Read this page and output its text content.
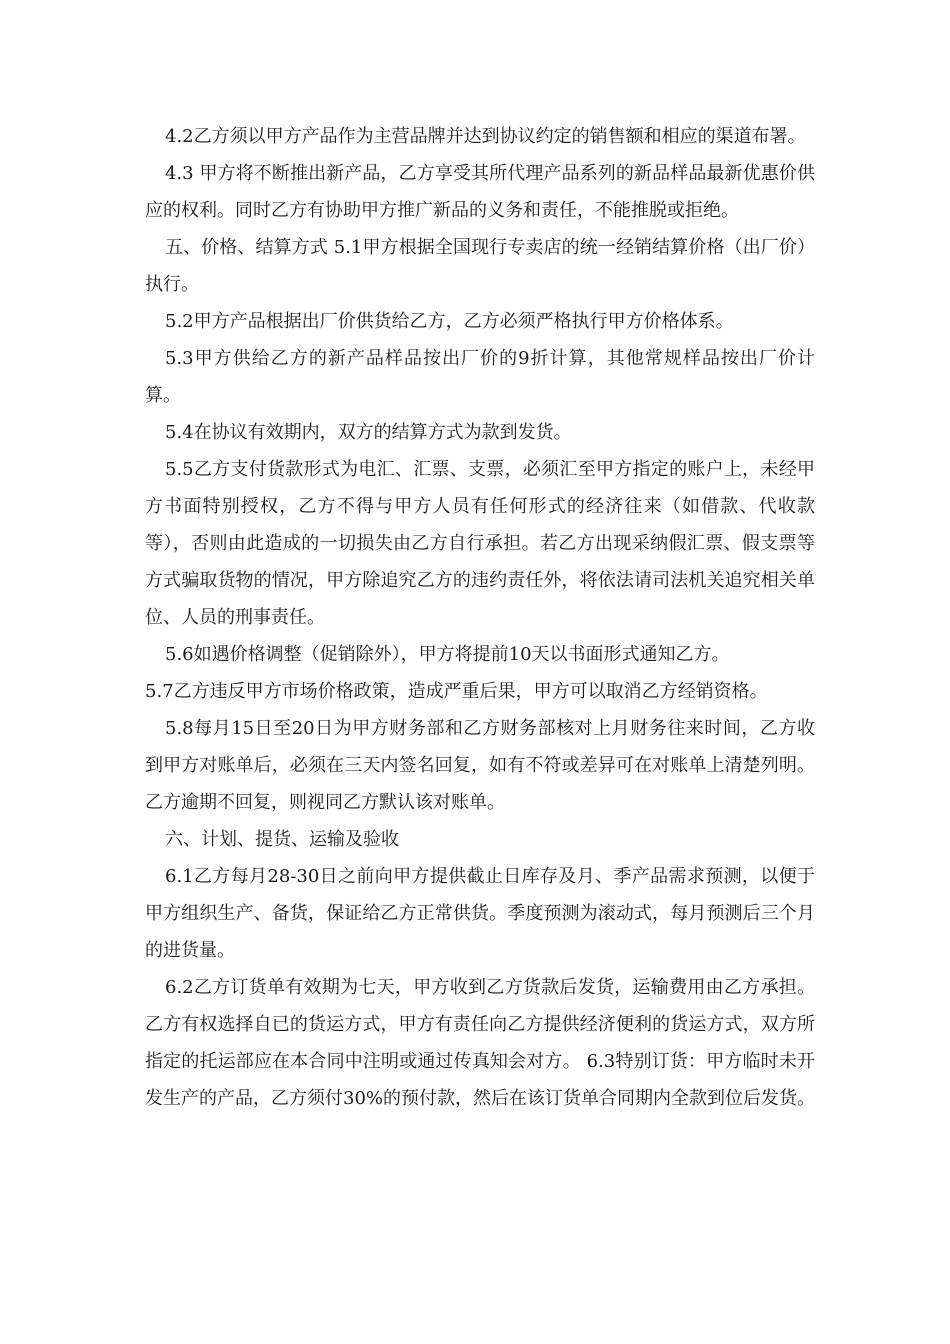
4.2乙方须以甲方产品作为主营品牌并达到协议约定的销售额和相应的渠道布署。

4.3 甲方将不断推出新产品，乙方享受其所代理产品系列的新品样品最新优惠价供应的权利。同时乙方有协助甲方推广新品的义务和责任，不能推脱或拒绝。

五、价格、结算方式 5.1甲方根据全国现行专卖店的统一经销结算价格（出厂价）执行。

5.2甲方产品根据出厂价供货给乙方，乙方必须严格执行甲方价格体系。

5.3甲方供给乙方的新产品样品按出厂价的9折计算，其他常规样品按出厂价计算。

5.4在协议有效期内，双方的结算方式为款到发货。

5.5乙方支付货款形式为电汇、汇票、支票，必须汇至甲方指定的账户上，未经甲方书面特别授权，乙方不得与甲方人员有任何形式的经济往来（如借款、代收款等），否则由此造成的一切损失由乙方自行承担。若乙方出现采纳假汇票、假支票等方式骗取货物的情况，甲方除追究乙方的违约责任外，将依法请司法机关追究相关单位、人员的刑事责任。

5.6如遇价格调整（促销除外），甲方将提前10天以书面形式通知乙方。

5.7乙方违反甲方市场价格政策，造成严重后果，甲方可以取消乙方经销资格。

5.8每月15日至20日为甲方财务部和乙方财务部核对上月财务往来时间，乙方收到甲方对账单后，必须在三天内签名回复，如有不符或差异可在对账单上清楚列明。乙方逾期不回复，则视同乙方默认该对账单。

六、计划、提货、运输及验收

6.1乙方每月28-30日之前向甲方提供截止日库存及月、季产品需求预测，以便于甲方组织生产、备货，保证给乙方正常供货。季度预测为滚动式，每月预测后三个月的进货量。

6.2乙方订货单有效期为七天，甲方收到乙方货款后发货，运输费用由乙方承担。乙方有权选择自已的货运方式，甲方有责任向乙方提供经济便利的货运方式，双方所指定的托运部应在本合同中注明或通过传真知会对方。 6.3特别订货：甲方临时未开发生产的产品，乙方须付30%的预付款，然后在该订货单合同期内全款到位后发货。
